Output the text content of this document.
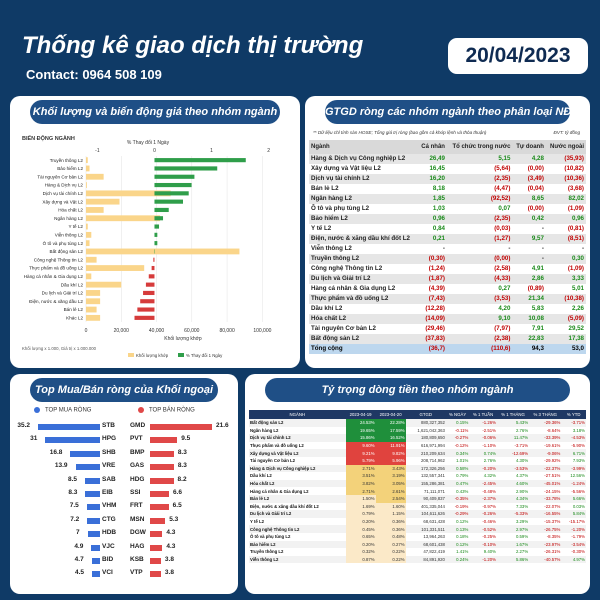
Thống kê giao dịch thị trường
Contact: 0964 508 109
20/04/2023
Khối lượng và biến động giá theo nhóm ngành
BIẾN ĐỘNG NGÀNH
% Thay đổi 1 Ngày
-1	0	1	2
0	20,000	40,000	60,000	80,000	100,000
Truyền thông L2
Bảo hiểm L2
Tài nguyên Cơ bản L2
Hàng & Dịch vụ L2
Dịch vụ tài chính L2
Xây dựng và Vật L2
Hóa chất L2
Ngân hàng L2
Y tế L2
Viễn thông L2
Ô tô và phụ tùng L2
Bất động sản L2
Công nghệ Thông tin L2
Thực phẩm và đồ uống L2
Hàng cá nhân & Gia dụng L2
Dầu khí L2
Du lịch và Giải trí L2
Điện, nước & xăng dầu L2
Bán lẻ L2
Khác L2
Khối lượng khớp
Khối lượng x 1.000, Giá trị x 1.000.000
Khối lượng khớp	% Thay đổi 1 Ngày
GTGD ròng các nhóm ngành theo phân loại NĐT
** Dữ liệu chỉ tính sàn HOSE; Tổng giá trị ròng (bao gồm cả khớp lệnh và thỏa thuận)	ĐVT: tỷ đồng
Ngành	Cá nhân	Tổ chức trong nước	Tự doanh	Nước ngoài
Hàng & Dịch vụ Công nghiệp L2	26,49	5,15	4,28	(35,93)
Xây dựng và Vật liệu L2	16,45	(5,64)	(0,00)	(10,82)
Dịch vụ tài chính L2	16,20	(2,35)	(3,49)	(10,36)
Bán lẻ L2	8,18	(4,47)	(0,04)	(3,68)
Ngân hàng L2	1,85	(92,52)	8,65	82,02
Ô tô và phụ tùng L2	1,03	0,07	(0,00)	(1,09)
Bảo hiểm L2	0,96	(2,35)	0,42	0,96
Y tế L2	0,84	(0,03)	-	(0,81)
Điện, nước & xăng dầu khí đốt L2	0,21	(1,27)	9,57	(8,51)
Viễn thông L2	-	-	-	-
Truyền thông L2	(0,30)	(0,00)	-	0,30
Công nghệ Thông tin L2	(1,24)	(2,58)	4,91	(1,09)
Du lịch và Giải trí L2	(1,87)	(4,33)	2,86	3,33
Hàng cá nhân & Gia dụng L2	(4,39)	0,27	(0,89)	5,01
Thực phẩm và đồ uống L2	(7,43)	(3,53)	21,34	(10,38)
Dầu khí L2	(12,28)	4,20	5,83	2,26
Hóa chất L2	(14,09)	9,10	10,08	(5,09)
Tài nguyên Cơ bản L2	(29,46)	(7,97)	7,91	29,52
Bất động sản L2	(37,83)	(2,38)	22,83	17,38
Tổng cộng	(36,7)	(110,6)	94,3	53,0
Top Mua/Bán ròng của Khối ngoại
TOP MUA RÒNG	TOP BÁN RÒNG
35.2	STB GMD	21.6
31	HPG PVT	9.5
16.8	SHB BMP	8.3
13.9	VRE GAS	8.3
8.5	SAB HDG	8.2
8.3	EIB	SSI	6.6
7.5	VHM FRT	6.5
7.2	CTG MSN	5.3
7	HDB DGW	4.3
4.9	VJC HAG	4.3
4.7	BID	KSB	3.8
4.5	VCI	VTP	3.8
Tỷ trọng dòng tiền theo nhóm ngành
NGÀNH	2023-04-19	2023-04-20	GTGD	% NGÀY	% 1 TUẦN	% 1 THÁNG	% 3 THÁNG	% YTD
Bất động sản L2	24.53%	22.28%	880,327,352	0.15%	-1.26%	5.43%	-29.36%	-3.71%
Ngân hàng L2	19.65%	17.59%	1,621,042,363	-0.11%	-2.51%	2.76%	-8.64%	3.18%
Dịch vụ tài chính L2	15.86%	16.52%	180,809,650	-0.27%	-0.06%	11.47%	-33.39%	-4.53%
Thực phẩm và đồ uống L2	9.60%	11.91%	616,971,994	-0.12%	-1.10%	-3.71%	-19.61%	-5.90%
Xây dựng và Vật liệu L2	9.21%	9.82%	210,209,634	0.34%	0.74%	-12.69%	-9.06%	6.71%
Tài nguyên Cơ bản L2	5.79%	5.96%	208,714,962	1.01%	2.76%	4.30%	-29.92%	7.93%
Hàng & Dịch vụ Công nghiệp L2	2.71%	3.43%	172,326,256	0.58%	-0.20%	-3.53%	-22.37%	-3.99%
Dầu khí L2	3.51%	3.19%	132,557,341	0.79%	4.32%	4.37%	-27.51%	12.56%
Hóa chất L2	3.82%	3.05%	155,286,381	0.47%	-2.45%	4.60%	-45.01%	-1.24%
Hàng cá nhân & Gia dụng L2	2.71%	2.61%	71,111,071	0.43%	-0.48%	2.90%	-24.15%	-5.56%
Bán lẻ L2	1.50%	2.54%	90,409,837	-0.35%	-2.37%	4.34%	-33.78%	5.66%
Điện, nước & xăng dầu khí đốt L2	1.69%	1.60%	401,335,044	-0.19%	-0.97%	7.33%	-22.07%	0.03%
Du lịch và Giải trí L2	0.79%	1.15%	104,611,626	-0.29%	-0.26%	-5.33%	-16.55%	5.84%
Y tế L2	0.20%	0.36%	68,631,428	0.12%	-0.46%	3.29%	-15.37%	-15.17%
Công nghệ Thông tin L2	0.45%	0.36%	101,331,511	0.13%	-0.52%	2.97%	-26.75%	-1.20%
Ô tô và phụ tùng L2	0.65%	0.48%	13,964,263	0.18%	-0.25%	0.59%	-8.35%	-1.79%
Bảo hiểm L2	0.20%	0.27%	68,601,438	0.12%	-0.10%	1.67%	-23.97%	-3.54%
Truyền thông L2	0.32%	0.22%	47,822,419	1.41%	9.40%	2.27%	-26.31%	-0.30%
Viễn thông L2	0.87%	0.22%	84,891,920	0.24%	-1.20%	5.86%	-40.57%	4.97%
